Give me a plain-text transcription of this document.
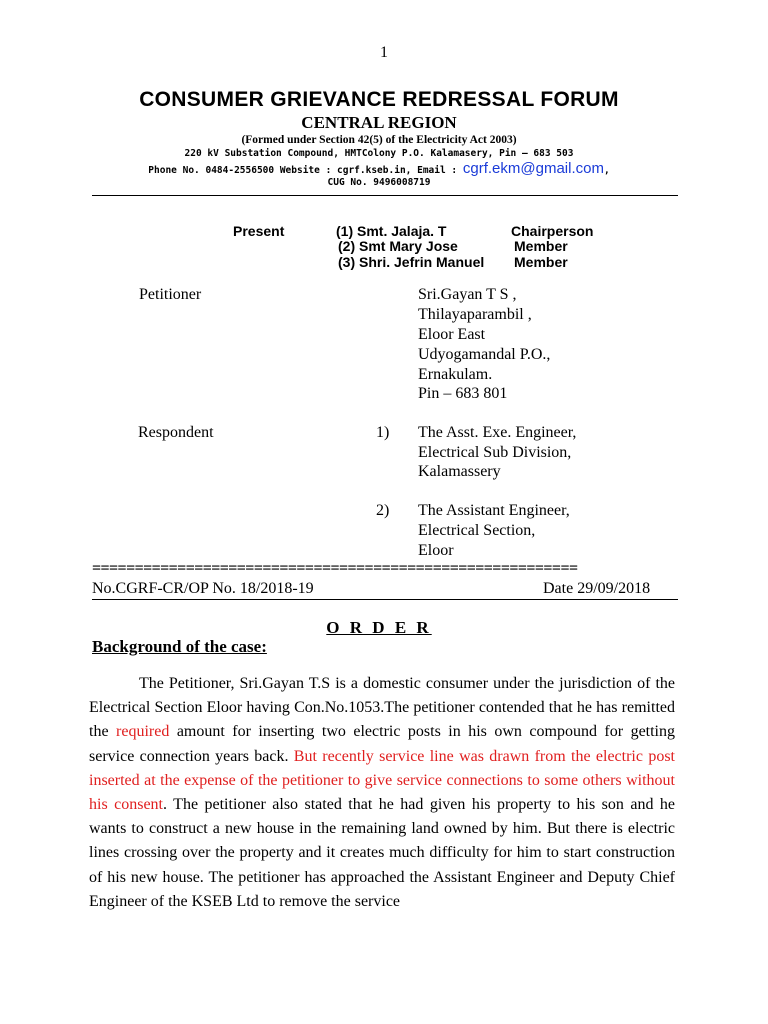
1
CONSUMER GRIEVANCE REDRESSAL FORUM
CENTRAL REGION
(Formed under Section 42(5) of the Electricity Act 2003)
220 kV Substation Compound, HMTColony P.O. Kalamasery, Pin – 683 503
Phone No. 0484-2556500 Website : cgrf.kseb.in, Email : cgrf.ekm@gmail.com,
CUG No. 9496008719
Present	(1) Smt. Jalaja. T	Chairperson
(2) Smt Mary Jose	Member
(3) Shri. Jefrin Manuel Member
Petitioner	Sri.Gayan T S ,
Thilayaparambil ,
Eloor East
Udyogamandal P.O.,
Ernakulam.
Pin – 683 801
Respondent	1) The Asst. Exe. Engineer,
Electrical Sub Division,
Kalamassery
2) The Assistant Engineer,
Electrical Section,
Eloor
=========================================================
No.CGRF-CR/OP No. 18/2018-19	Date 29/09/2018
O R D E R
Background of the case:

The Petitioner, Sri.Gayan T.S is a domestic consumer under the jurisdiction of the Electrical Section Eloor having Con.No.1053.The petitioner contended that he has remitted the required amount for inserting two electric posts in his own compound for getting service connection years back. But recently service line was drawn from the electric post inserted at the expense of the petitioner to give service connections to some others without his consent. The petitioner also stated that he had given his property to his son and he wants to construct a new house in the remaining land owned by him. But there is electric lines crossing over the property and it creates much difficulty for him to start construction of his new house. The petitioner has approached the Assistant Engineer and Deputy Chief Engineer of the KSEB Ltd to remove the service
